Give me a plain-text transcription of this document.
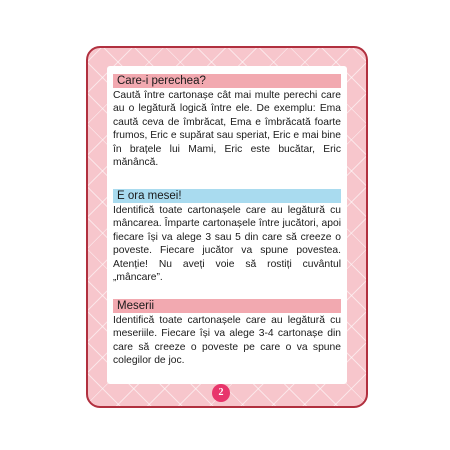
Care-i perechea?
Caută între cartonașe cât mai multe perechi care au o legătură logică între ele. De exemplu: Ema caută ceva de îmbrăcat, Ema e îmbrăcată foarte frumos, Eric e supărat sau speriat, Eric e mai bine în brațele lui Mami, Eric este bucătar, Eric mănâncă.
E ora mesei!
Identifică toate cartonașele care au legătură cu mâncarea. Împarte cartonașele între jucători, apoi fiecare își va alege 3 sau 5 din care să creeze o poveste. Fiecare jucător va spune povestea. Atenție! Nu aveți voie să rostiți cuvântul „mâncare”.
Meserii
Identifică toate cartonașele care au legătură cu meseriile. Fiecare își va alege 3-4 cartonașe din care să creeze o poveste pe care o va spune colegilor de joc.
2
